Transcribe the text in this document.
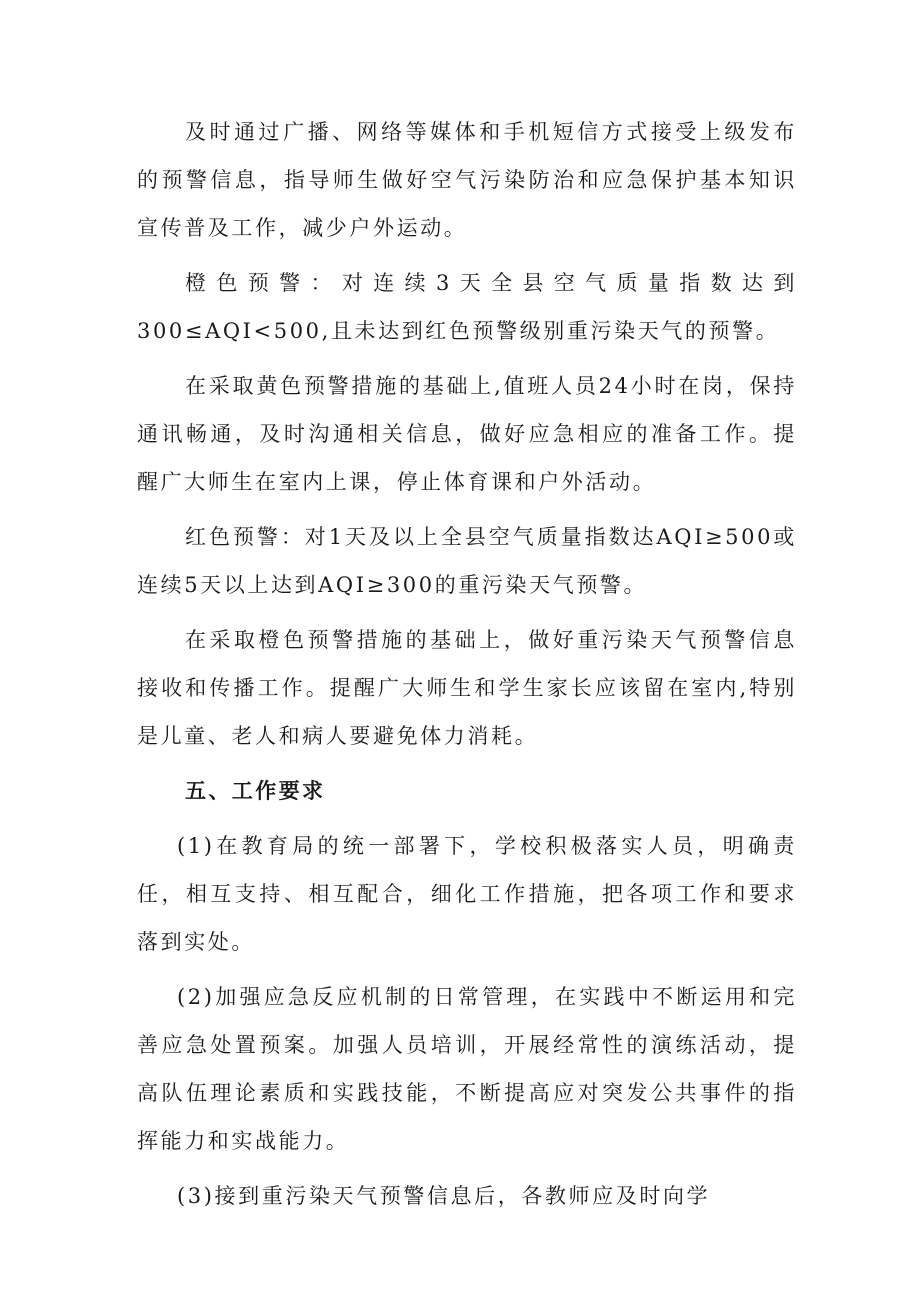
及时通过广播、网络等媒体和手机短信方式接受上级发布的预警信息，指导师生做好空气污染防治和应急保护基本知识宣传普及工作，减少户外运动。

橙色预警：对连续3天全县空气质量指数达到300≤AQI<500,且未达到红色预警级别重污染天气的预警。

在采取黄色预警措施的基础上,值班人员24小时在岗，保持通讯畅通，及时沟通相关信息，做好应急相应的准备工作。提醒广大师生在室内上课，停止体育课和户外活动。

红色预警：对1天及以上全县空气质量指数达AQI≥500或连续5天以上达到AQI≥300的重污染天气预警。

在采取橙色预警措施的基础上，做好重污染天气预警信息接收和传播工作。提醒广大师生和学生家长应该留在室内,特别是儿童、老人和病人要避免体力消耗。

五、工作要求

(1)在教育局的统一部署下，学校积极落实人员，明确责任，相互支持、相互配合，细化工作措施，把各项工作和要求落到实处。

(2)加强应急反应机制的日常管理，在实践中不断运用和完善应急处置预案。加强人员培训，开展经常性的演练活动，提高队伍理论素质和实践技能，不断提高应对突发公共事件的指挥能力和实战能力。

(3)接到重污染天气预警信息后，各教师应及时向学
